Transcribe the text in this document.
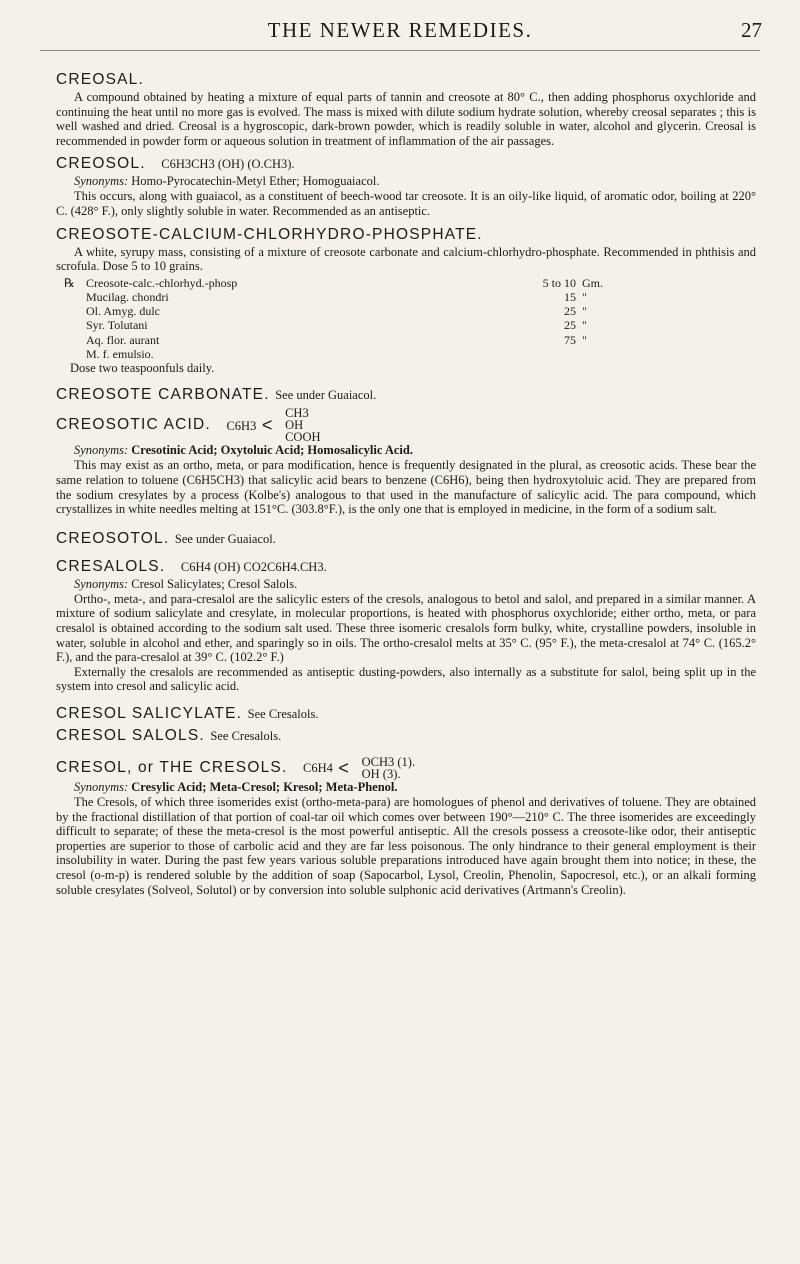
THE NEWER REMEDIES.	27
CREOSAL.

A compound obtained by heating a mixture of equal parts of tannin and creosote at 80° C., then adding phosphorus oxychloride and continuing the heat until no more gas is evolved. The mass is mixed with dilute sodium hydrate solution, whereby creosal separates ; this is well washed and dried. Creosal is a hygroscopic, dark-brown powder, which is readily soluble in water, alcohol and glycerin. Creosal is recommended in powder form or aqueous solution in treatment of inflammation of the air passages.

CREOSOL. C6H3CH3 (OH) (O.CH3).
Synonyms: Homo-Pyrocatechin-Metyl Ether; Homoguaiacol.

This occurs, along with guaiacol, as a constituent of beech-wood tar creosote. It is an oily-like liquid, of aromatic odor, boiling at 220° C. (428° F.), only slightly soluble in water. Recommended as an antiseptic.

CREOSOTE-CALCIUM-CHLORHYDRO-PHOSPHATE.

A white, syrupy mass, consisting of a mixture of creosote carbonate and calcium-chlorhydro-phosphate. Recommended in phthisis and scrofula. Dose 5 to 10 grains.

℞ Creosote-calc.-chlorhyd.-phosp	5 to 10 Gm.
Mucilag. chondri	15 "
Ol. Amyg. dulc	25 "
Syr. Tolutani	25 "
Aq. flor. aurant	75 "
M. f. emulsio.
Dose two teaspoonfuls daily.
CREOSOTE CARBONATE. See under Guaiacol.
CREOSOTIC ACID. C6H3 <
CH3
OH
COOH
Synonyms: Cresotinic Acid; Oxytoluic Acid; Homosalicylic Acid.

This may exist as an ortho, meta, or para modification, hence is frequently designated in the plural, as creosotic acids. These bear the same relation to toluene (C6H5CH3) that salicylic acid bears to benzene (C6H6), being then hydroxytoluic acid. They are prepared from the sodium cresylates by a process (Kolbe's) analogous to that used in the manufacture of salicylic acid. The para compound, which crystallizes in white needles melting at 151°C. (303.8°F.), is the only one that is employed in medicine, in the form of a sodium salt.

CREOSOTOL. See under Guaiacol.
CRESALOLS. C6H4 (OH) CO2C6H4.CH3.
Synonyms: Cresol Salicylates; Cresol Salols.

Ortho-, meta-, and para-cresalol are the salicylic esters of the cresols, analogous to betol and salol, and prepared in a similar manner. A mixture of sodium salicylate and cresylate, in molecular proportions, is heated with phosphorus oxychloride; either ortho, meta, or para cresalol is obtained according to the sodium salt used. These three isomeric cresalols form bulky, white, crystalline powders, insoluble in water, soluble in alcohol and ether, and sparingly so in oils. The ortho-cresalol melts at 35° C. (95° F.), the meta-cresalol at 74° C. (165.2° F.), and the para-cresalol at 39° C. (102.2° F.)

Externally the cresalols are recommended as antiseptic dusting-powders, also internally as a substitute for salol, being split up in the system into cresol and salicylic acid.

CRESOL SALICYLATE. See Cresalols.
CRESOL SALOLS. See Cresalols.
CRESOL, or THE CRESOLS. C6H4 < OCH3 (1).
OH (3).
Synonyms: Cresylic Acid; Meta-Cresol; Kresol; Meta-Phenol.

The Cresols, of which three isomerides exist (ortho-meta-para) are homologues of phenol and derivatives of toluene. They are obtained by the fractional distillation of that portion of coal-tar oil which comes over between 190°—210° C. The three isomerides are exceedingly difficult to separate; of these the meta-cresol is the most powerful antiseptic. All the cresols possess a creosote-like odor, their antiseptic properties are superior to those of carbolic acid and they are far less poisonous. The only hindrance to their general employment is their insolubility in water. During the past few years various soluble preparations introduced have again brought them into notice; in these, the cresol (o-m-p) is rendered soluble by the addition of soap (Sapocarbol, Lysol, Creolin, Phenolin, Sapocresol, etc.), or an alkali forming soluble cresylates (Solveol, Solutol) or by conversion into soluble sulphonic acid derivatives (Artmann's Creolin).
